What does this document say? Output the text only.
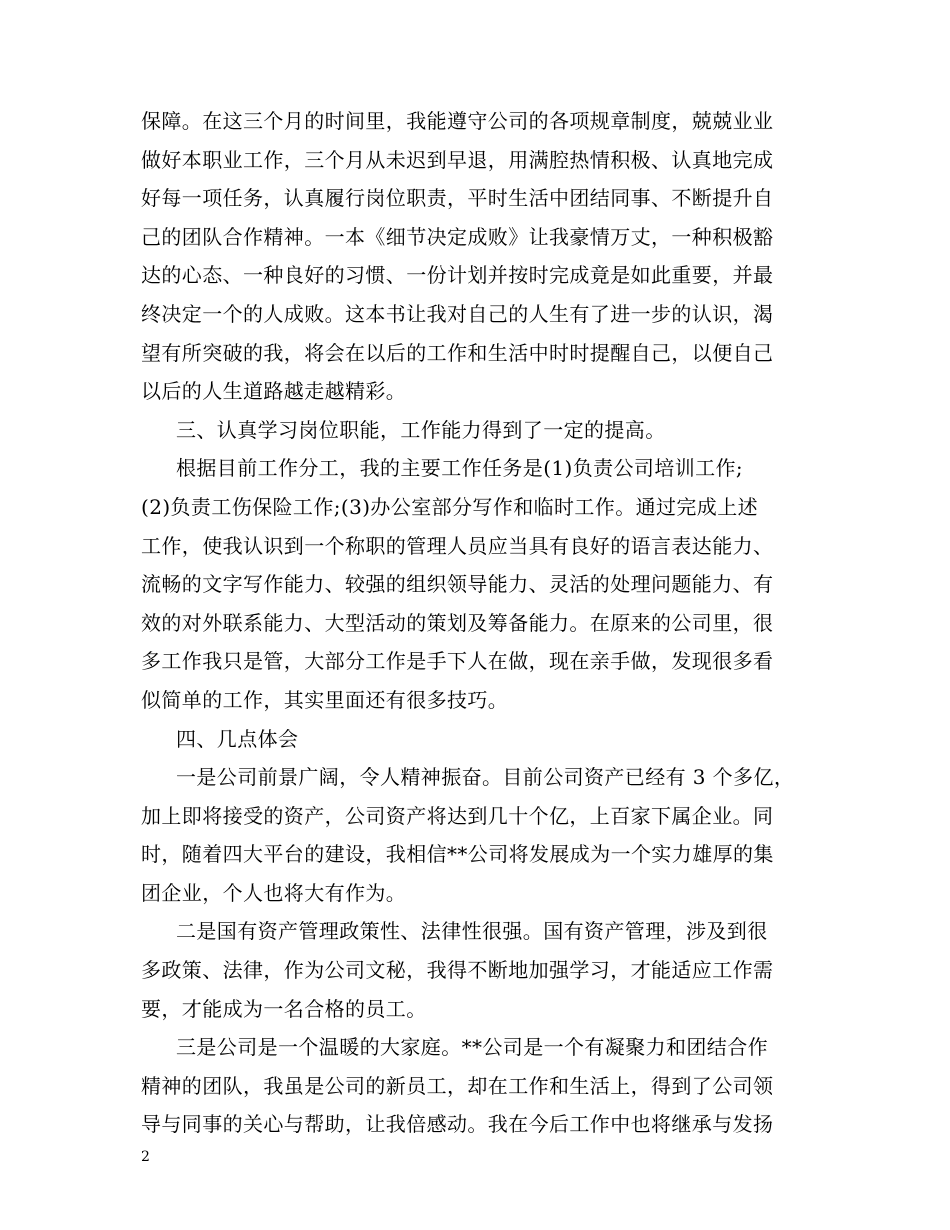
保障。在这三个月的时间里，我能遵守公司的各项规章制度，兢兢业业
做好本职业工作，三个月从未迟到早退，用满腔热情积极、认真地完成
好每一项任务，认真履行岗位职责，平时生活中团结同事、不断提升自
己的团队合作精神。一本《细节决定成败》让我豪情万丈，一种积极豁
达的心态、一种良好的习惯、一份计划并按时完成竟是如此重要，并最
终决定一个的人成败。这本书让我对自己的人生有了进一步的认识，渴
望有所突破的我，将会在以后的工作和生活中时时提醒自己，以便自己
以后的人生道路越走越精彩。
三、认真学习岗位职能，工作能力得到了一定的提高。
根据目前工作分工，我的主要工作任务是(1)负责公司培训工作;
(2)负责工伤保险工作;(3)办公室部分写作和临时工作。通过完成上述
工作，使我认识到一个称职的管理人员应当具有良好的语言表达能力、
流畅的文字写作能力、较强的组织领导能力、灵活的处理问题能力、有
效的对外联系能力、大型活动的策划及筹备能力。在原来的公司里，很
多工作我只是管，大部分工作是手下人在做，现在亲手做，发现很多看
似简单的工作，其实里面还有很多技巧。
四、几点体会
一是公司前景广阔，令人精神振奋。目前公司资产已经有 3 个多亿，
加上即将接受的资产，公司资产将达到几十个亿，上百家下属企业。同
时，随着四大平台的建设，我相信**公司将发展成为一个实力雄厚的集
团企业，个人也将大有作为。
二是国有资产管理政策性、法律性很强。国有资产管理，涉及到很
多政策、法律，作为公司文秘，我得不断地加强学习，才能适应工作需
要，才能成为一名合格的员工。
三是公司是一个温暖的大家庭。**公司是一个有凝聚力和团结合作
精神的团队，我虽是公司的新员工，却在工作和生活上，得到了公司领
导与同事的关心与帮助，让我倍感动。我在今后工作中也将继承与发扬
2
